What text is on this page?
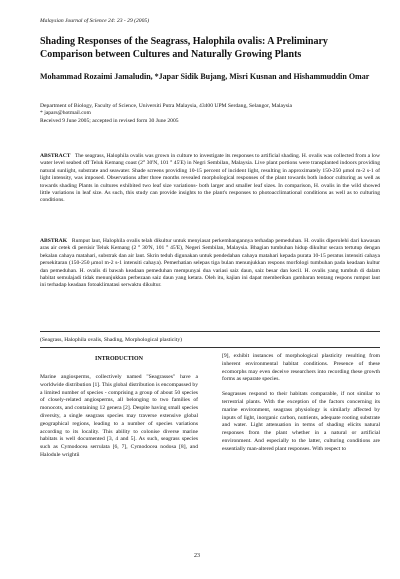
Malaysian Journal of Science 24: 23 - 29 (2005)
Shading Responses of the Seagrass, Halophila ovalis: A Preliminary Comparison between Cultures and Naturally Growing Plants
Mohammad Rozaimi Jamaludin, *Japar Sidik Bujang, Misri Kusnan and Hishammuddin Omar

Department of Biology, Faculty of Science, Universiti Putra Malaysia, 43400 UPM Serdang, Selangor, Malaysia

* japars@hotmail.com

Received 9 June 2005; accepted in revised form 30 June 2005

ABSTRACT The seagrass, Halophila ovalis was grown in culture to investigate its responses to artificial shading. H. ovalis was collected from a low water level seabed off Teluk Kemang coast (2° 30'N, 101 ° 45'E) in Negri Sembilan, Malaysia. Live plant portions were transplanted indoors providing natural sunlight, substrate and seawater. Shade screens providing 10-15 percent of incident light, resulting in approximately 150-250 μmol m-2 s-1 of light intensity, was imposed. Observations after three months revealed morphological responses of the plant towards both indoor culturing as well as towards shading Plants in cultures exhibited two leaf size variations- both larger and smaller leaf sizes. In comparison, H. ovalis in the wild showed little variations in leaf size. As such, this study can provide insights to the plant's responses to photoacclimational conditions as well as to culturing conditions.
ABSTRAK Rumput laut, Halophila ovalis telah dikultur untuk menyiasat perkembangannya terhadap pemeduhan. H. ovalis diperolehi dari kawasan aras air cetek di persisir Teluk Kemang (2 ° 30'N, 101 ° 45'E), Negeri Sembilan, Malaysia. Bhagian tumbuhan hidup dikultur secara tertutup dengan bekalan cahaya matahari, substrak dan air laut. Skrin teduh digunakan untuk pendedahan cahaya matahari kepada purata 10-15 peratus intensiti cahaya persekitaran (150-250 μmol m-2 s-1 intensiti cahaya). Pemerhatian selepas tiga bulan menunjukkan respons morfologi tumbuhan pada keadaan kultur dan pemeduhan. H. ovalis di bawah keadaan pemeduhan mempunyai dua variasi saiz daun, saiz besar dan kecil. H. ovalis yang tumbuh di dalam habitat semulajadi tidak menunjukkan perbezaan saiz daun yang ketara. Oleh itu, kajian ini dapat memberikan gambaran tentang respons rumput laut ini terhadap keadaan fotoaklimatasi serwaktu dikultur.
(Seagrass, Halophila ovalis, Shading, Morphological plasticity)
INTRODUCTION

Marine angiosperms, collectively named "Seagrasses" have a worldwide distribution [1]. This global distribution is encompassed by a limited number of species - comprising a group of about 50 species of closely-related angiosperms, all belonging to two families of monocots, and containing 12 genera [2]. Despite having small species diversity, a single seagrass species may traverse extensive global geographical regions, leading to a number of species variations according to its locality. This ability to colonise diverse marine habitats is well documented [3, 4 and 5]. As such, seagrass species such as Cymodocea serrulata [6, 7], Cymodocea nodosa [8], and Halodule wrightii

[9], exhibit instances of morphological plasticity resulting from inherent environmental habitat conditions. Presence of these ecomorphs may even deceive researchers into recording these growth forms as separate species.

Seagrasses respond to their habitats comparable, if not similar to terrestrial plants. With the exception of the factors concerning its marine environment, seagrass physiology is similarly affected by inputs of light, inorganic carbon, nutrients, adequate rooting substrate and water. Light attenuation in terms of shading elicits natural responses from the plant whether in a natural or artificial environment. And especially to the latter, culturing conditions are essentially man-altered plant responses. With respect to

23
